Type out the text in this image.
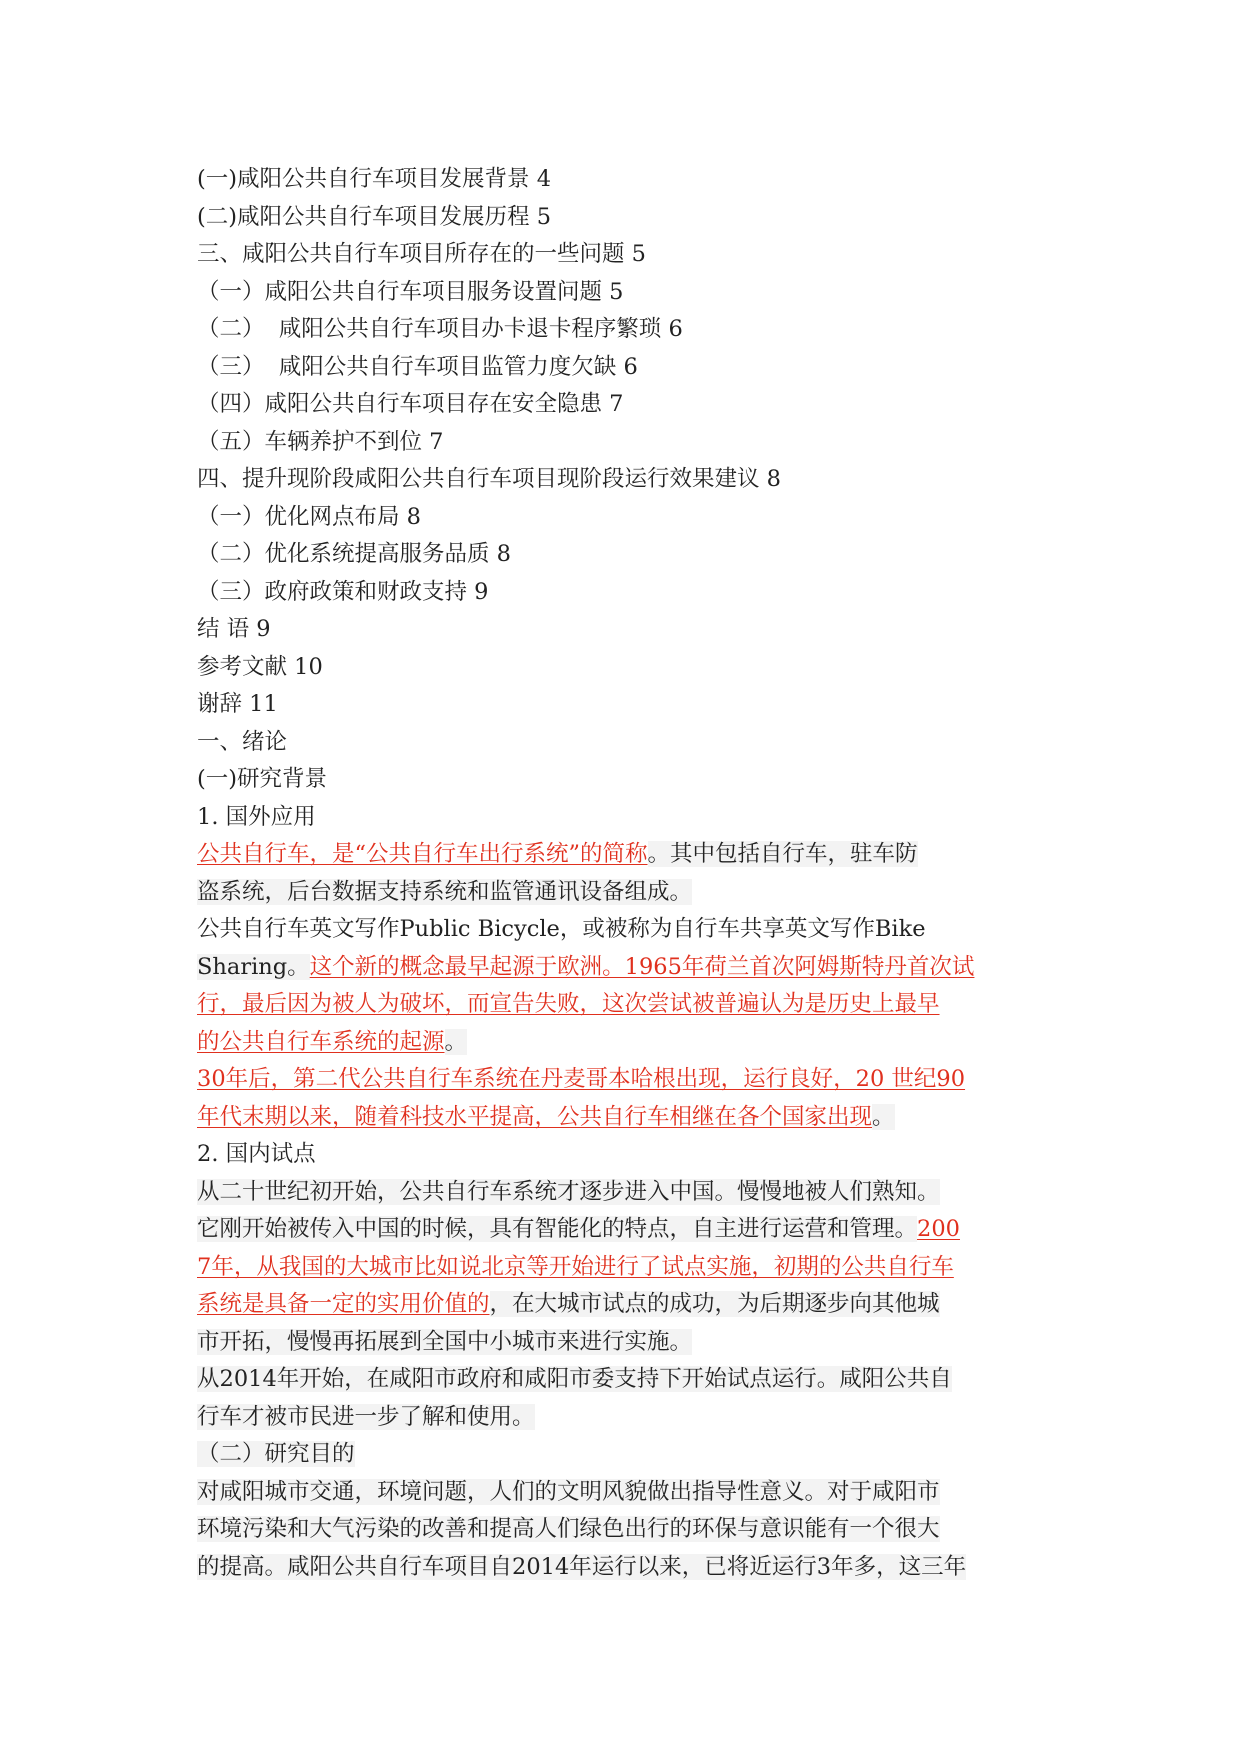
(一)咸阳公共自行车项目发展背景 4
(二)咸阳公共自行车项目发展历程 5
三、咸阳公共自行车项目所存在的一些问题 5
（一）咸阳公共自行车项目服务设置问题 5
（二）  咸阳公共自行车项目办卡退卡程序繁琐 6
（三）  咸阳公共自行车项目监管力度欠缺 6
（四）咸阳公共自行车项目存在安全隐患 7
（五）车辆养护不到位 7
四、提升现阶段咸阳公共自行车项目现阶段运行效果建议 8
（一）优化网点布局 8
（二）优化系统提高服务品质 8
（三）政府政策和财政支持 9
结 语 9
参考文献 10
谢辞 11
一、绪论
(一)研究背景
1. 国外应用
公共自行车，是“公共自行车出行系统”的简称。其中包括自行车，驻车防
盗系统，后台数据支持系统和监管通讯设备组成。
公共自行车英文写作Public Bicycle，或被称为自行车共享英文写作Bike
Sharing。这个新的概念最早起源于欧洲。1965年荷兰首次阿姆斯特丹首次试
行，最后因为被人为破坏，而宣告失败，这次尝试被普遍认为是历史上最早
的公共自行车系统的起源。
30年后，第二代公共自行车系统在丹麦哥本哈根出现，运行良好，20 世纪90
年代末期以来，随着科技水平提高，公共自行车相继在各个国家出现。
2. 国内试点
从二十世纪初开始，公共自行车系统才逐步进入中国。慢慢地被人们熟知。
它刚开始被传入中国的时候，具有智能化的特点，自主进行运营和管理。200
7年，从我国的大城市比如说北京等开始进行了试点实施，初期的公共自行车
系统是具备一定的实用价值的，在大城市试点的成功，为后期逐步向其他城
市开拓，慢慢再拓展到全国中小城市来进行实施。
从2014年开始，在咸阳市政府和咸阳市委支持下开始试点运行。咸阳公共自
行车才被市民进一步了解和使用。
（二）研究目的
对咸阳城市交通，环境问题，人们的文明风貌做出指导性意义。对于咸阳市
环境污染和大气污染的改善和提高人们绿色出行的环保与意识能有一个很大
的提高。咸阳公共自行车项目自2014年运行以来，已将近运行3年多，这三年
